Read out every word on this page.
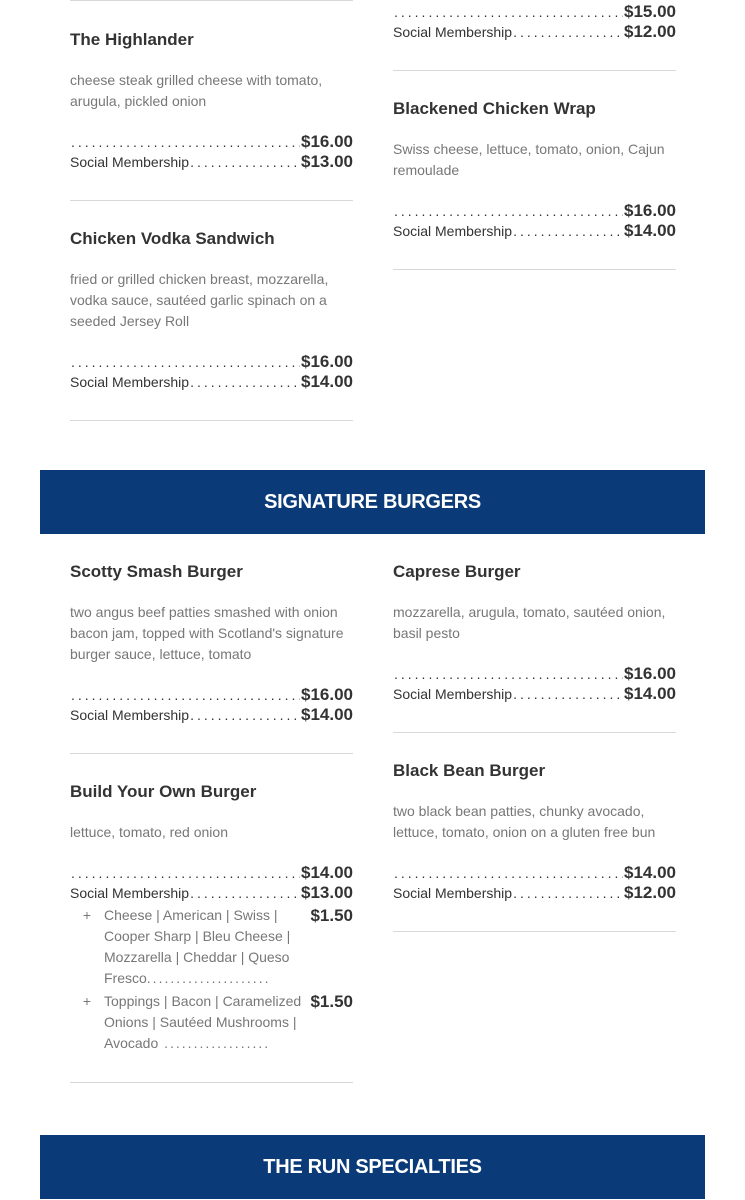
The Highlander
cheese steak grilled cheese with tomato, arugula, pickled onion
.....
$16.00
Social Membership .....	$13.00
Chicken Vodka Sandwich
fried or grilled chicken breast, mozzarella, vodka sauce, sautéed garlic spinach on a seeded Jersey Roll
.....
$16.00
Social Membership .....	$14.00
.....
$15.00
Social Membership .....	$12.00
Blackened Chicken Wrap
Swiss cheese, lettuce, tomato, onion, Cajun remoulade
.....
$16.00
Social Membership .....	$14.00
SIGNATURE BURGERS
Scotty Smash Burger
two angus beef patties smashed with onion bacon jam, topped with Scotland's signature burger sauce, lettuce, tomato
.....
$16.00
Social Membership .....	$14.00
Build Your Own Burger
lettuce, tomato, red onion
.....
$14.00
Social Membership .....	$13.00
+ Cheese | American | Swiss | Cooper Sharp | Bleu Cheese | Mozzarella | Cheddar | Queso Fresco.....................
$1.50
+ Toppings | Bacon | Caramelized Onions | Sautéed Mushrooms | Avocado ..................
$1.50
Caprese Burger
mozzarella, arugula, tomato, sautéed onion, basil pesto
.....
$16.00
Social Membership .....	$14.00
Black Bean Burger
two black bean patties, chunky avocado, lettuce, tomato, onion on a gluten free bun
.....
$14.00
Social Membership .....	$12.00
THE RUN SPECIALTIES
